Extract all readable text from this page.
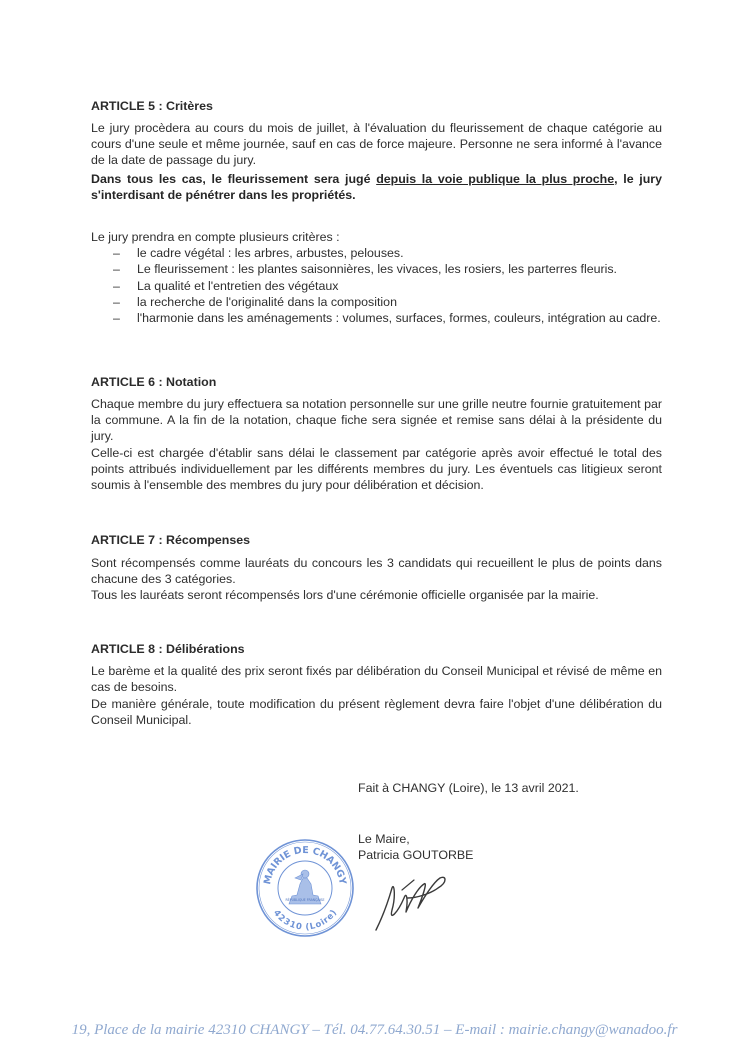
ARTICLE 5 : Critères

Le jury procèdera au cours du mois de juillet, à l'évaluation du fleurissement de chaque catégorie au cours d'une seule et même journée, sauf en cas de force majeure. Personne ne sera informé à l'avance de la date de passage du jury.

Dans tous les cas, le fleurissement sera jugé depuis la voie publique la plus proche, le jury s'interdisant de pénétrer dans les propriétés.

Le jury prendra en compte plusieurs critères :
– le cadre végétal : les arbres, arbustes, pelouses.
– Le fleurissement : les plantes saisonnières, les vivaces, les rosiers, les parterres fleuris.
– La qualité et l'entretien des végétaux
– la recherche de l'originalité dans la composition
– l'harmonie dans les aménagements : volumes, surfaces, formes, couleurs, intégration au cadre.
ARTICLE 6 : Notation

Chaque membre du jury effectuera sa notation personnelle sur une grille neutre fournie gratuitement par la commune. A la fin de la notation, chaque fiche sera signée et remise sans délai à la présidente du jury.

Celle-ci est chargée d'établir sans délai le classement par catégorie après avoir effectué le total des points attribués individuellement par les différents membres du jury. Les éventuels cas litigieux seront soumis à l'ensemble des membres du jury pour délibération et décision.

ARTICLE 7 : Récompenses

Sont récompensés comme lauréats du concours les 3 candidats qui recueillent le plus de points dans chacune des 3 catégories.

Tous les lauréats seront récompensés lors d'une cérémonie officielle organisée par la mairie.

ARTICLE 8 : Délibérations

Le barème et la qualité des prix seront fixés par délibération du Conseil Municipal et révisé de même en cas de besoins.

De manière générale, toute modification du présent règlement devra faire l'objet d'une délibération du Conseil Municipal.

Fait à CHANGY (Loire), le 13 avril 2021.
Le Maire,
Patricia GOUTORBE
MAIRIE DE CHANGY
42310 (Loire)
RÉPUBLIQUE FRANÇAISE
19, Place de la mairie 42310 CHANGY – Tél. 04.77.64.30.51 – E-mail : mairie.changy@wanadoo.fr
